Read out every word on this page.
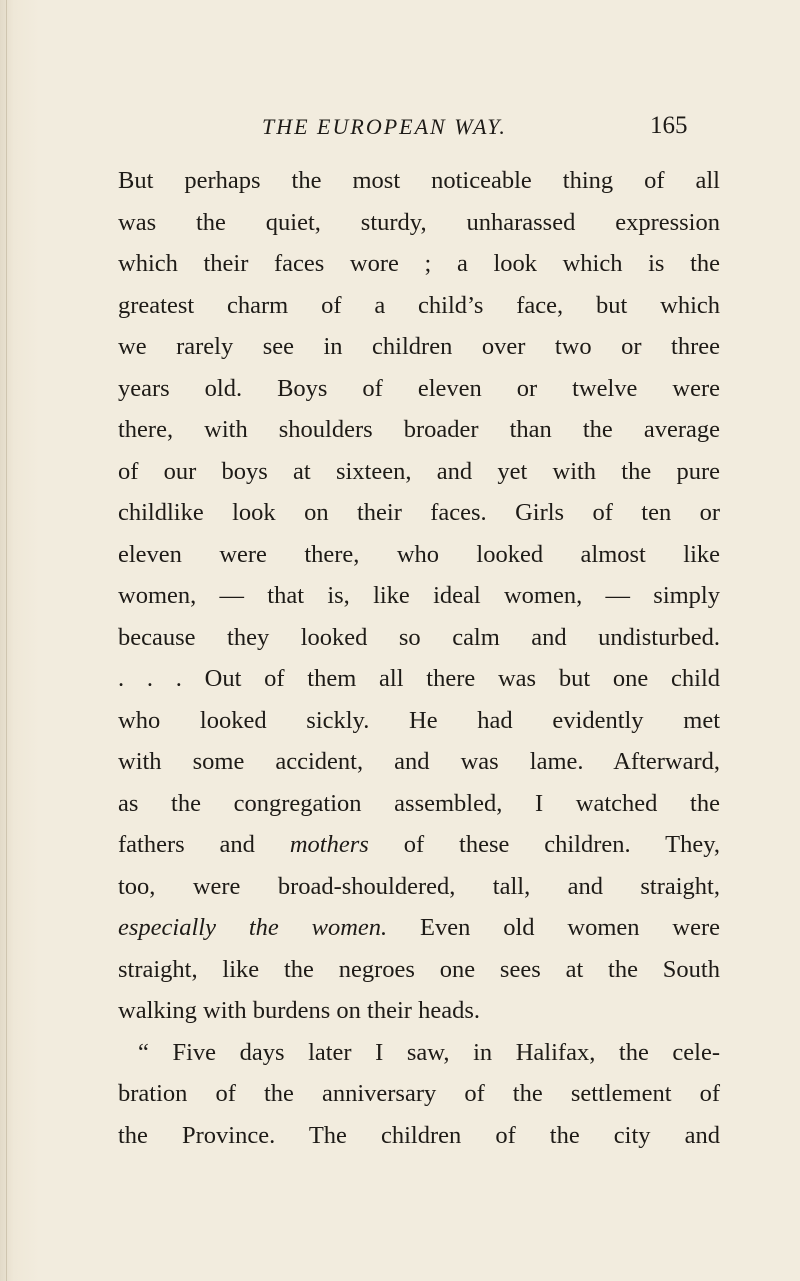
THE EUROPEAN WAY.	165
But perhaps the most noticeable thing of all
was the quiet, sturdy, unharassed expression
which their faces wore ; a look which is the
greatest charm of a child’s face, but which
we rarely see in children over two or three
years old. Boys of eleven or twelve were
there, with shoulders broader than the average
of our boys at sixteen, and yet with the pure
childlike look on their faces. Girls of ten or
eleven were there, who looked almost like
women, — that is, like ideal women, — simply
because they looked so calm and undisturbed.
. . . Out of them all there was but one child
who looked sickly. He had evidently met
with some accident, and was lame. Afterward,
as the congregation assembled, I watched the
fathers and mothers of these children. They,
too, were broad-shouldered, tall, and straight,
especially the women. Even old women were
straight, like the negroes one sees at the South
walking with burdens on their heads.
“ Five days later I saw, in Halifax, the cele-
bration of the anniversary of the settlement of
the Province. The children of the city and
